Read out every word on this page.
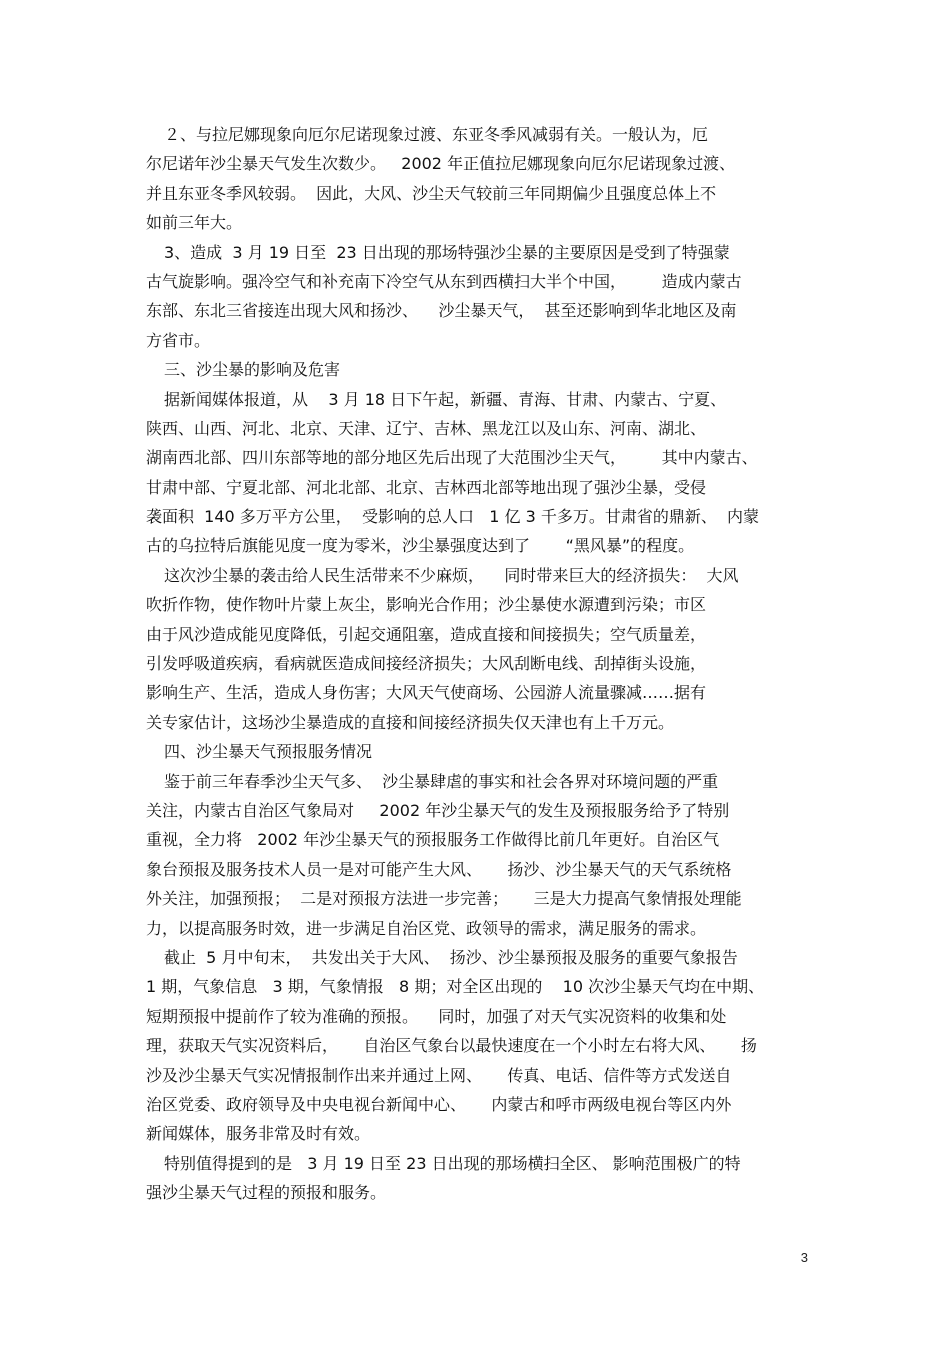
２、与拉尼娜现象向厄尔尼诺现象过渡、东亚冬季风减弱有关。一般认为，厄
尔尼诺年沙尘暴天气发生次数少。   2002 年正值拉尼娜现象向厄尔尼诺现象过渡、
并且东亚冬季风较弱。  因此，大风、沙尘天气较前三年同期偏少且强度总体上不
如前三年大。
3、造成  3 月 19 日至  23 日出现的那场特强沙尘暴的主要原因是受到了特强蒙
古气旋影响。强冷空气和补充南下冷空气从东到西横扫大半个中国，       造成内蒙古
东部、东北三省接连出现大风和扬沙、    沙尘暴天气，  甚至还影响到华北地区及南
方省市。
三、沙尘暴的影响及危害
据新闻媒体报道，从    3 月 18 日下午起，新疆、青海、甘肃、内蒙古、宁夏、
陕西、山西、河北、北京、天津、辽宁、吉林、黑龙江以及山东、河南、湖北、
湖南西北部、四川东部等地的部分地区先后出现了大范围沙尘天气，       其中内蒙古、
甘肃中部、宁夏北部、河北北部、北京、吉林西北部等地出现了强沙尘暴，受侵
袭面积  140 多万平方公里，  受影响的总人口   1 亿 3 千多万。甘肃省的鼎新、  内蒙
古的乌拉特后旗能见度一度为零米，沙尘暴强度达到了       “黑风暴”的程度。
这次沙尘暴的袭击给人民生活带来不少麻烦，    同时带来巨大的经济损失：  大风
吹折作物，使作物叶片蒙上灰尘，影响光合作用；沙尘暴使水源遭到污染；市区
由于风沙造成能见度降低，引起交通阻塞，造成直接和间接损失；空气质量差，
引发呼吸道疾病，看病就医造成间接经济损失；大风刮断电线、刮掉街头设施，
影响生产、生活，造成人身伤害；大风天气使商场、公园游人流量骤减……据有
关专家估计，这场沙尘暴造成的直接和间接经济损失仅天津也有上千万元。
四、沙尘暴天气预报服务情况
鉴于前三年春季沙尘天气多、  沙尘暴肆虐的事实和社会各界对环境问题的严重
关注，内蒙古自治区气象局对     2002 年沙尘暴天气的发生及预报服务给予了特别
重视，全力将   2002 年沙尘暴天气的预报服务工作做得比前几年更好。自治区气
象台预报及服务技术人员一是对可能产生大风、     扬沙、沙尘暴天气的天气系统格
外关注，加强预报；  二是对预报方法进一步完善；     三是大力提高气象情报处理能
力，以提高服务时效，进一步满足自治区党、政领导的需求，满足服务的需求。
截止  5 月中旬末，  共发出关于大风、  扬沙、沙尘暴预报及服务的重要气象报告
1 期，气象信息   3 期，气象情报   8 期；对全区出现的    10 次沙尘暴天气均在中期、
短期预报中提前作了较为准确的预报。    同时，加强了对天气实况资料的收集和处
理，获取天气实况资料后，     自治区气象台以最快速度在一个小时左右将大风、     扬
沙及沙尘暴天气实况情报制作出来并通过上网、     传真、电话、信件等方式发送自
治区党委、政府领导及中央电视台新闻中心、     内蒙古和呼市两级电视台等区内外
新闻媒体，服务非常及时有效。
特别值得提到的是   3 月 19 日至 23 日出现的那场横扫全区、 影响范围极广的特
强沙尘暴天气过程的预报和服务。
3
